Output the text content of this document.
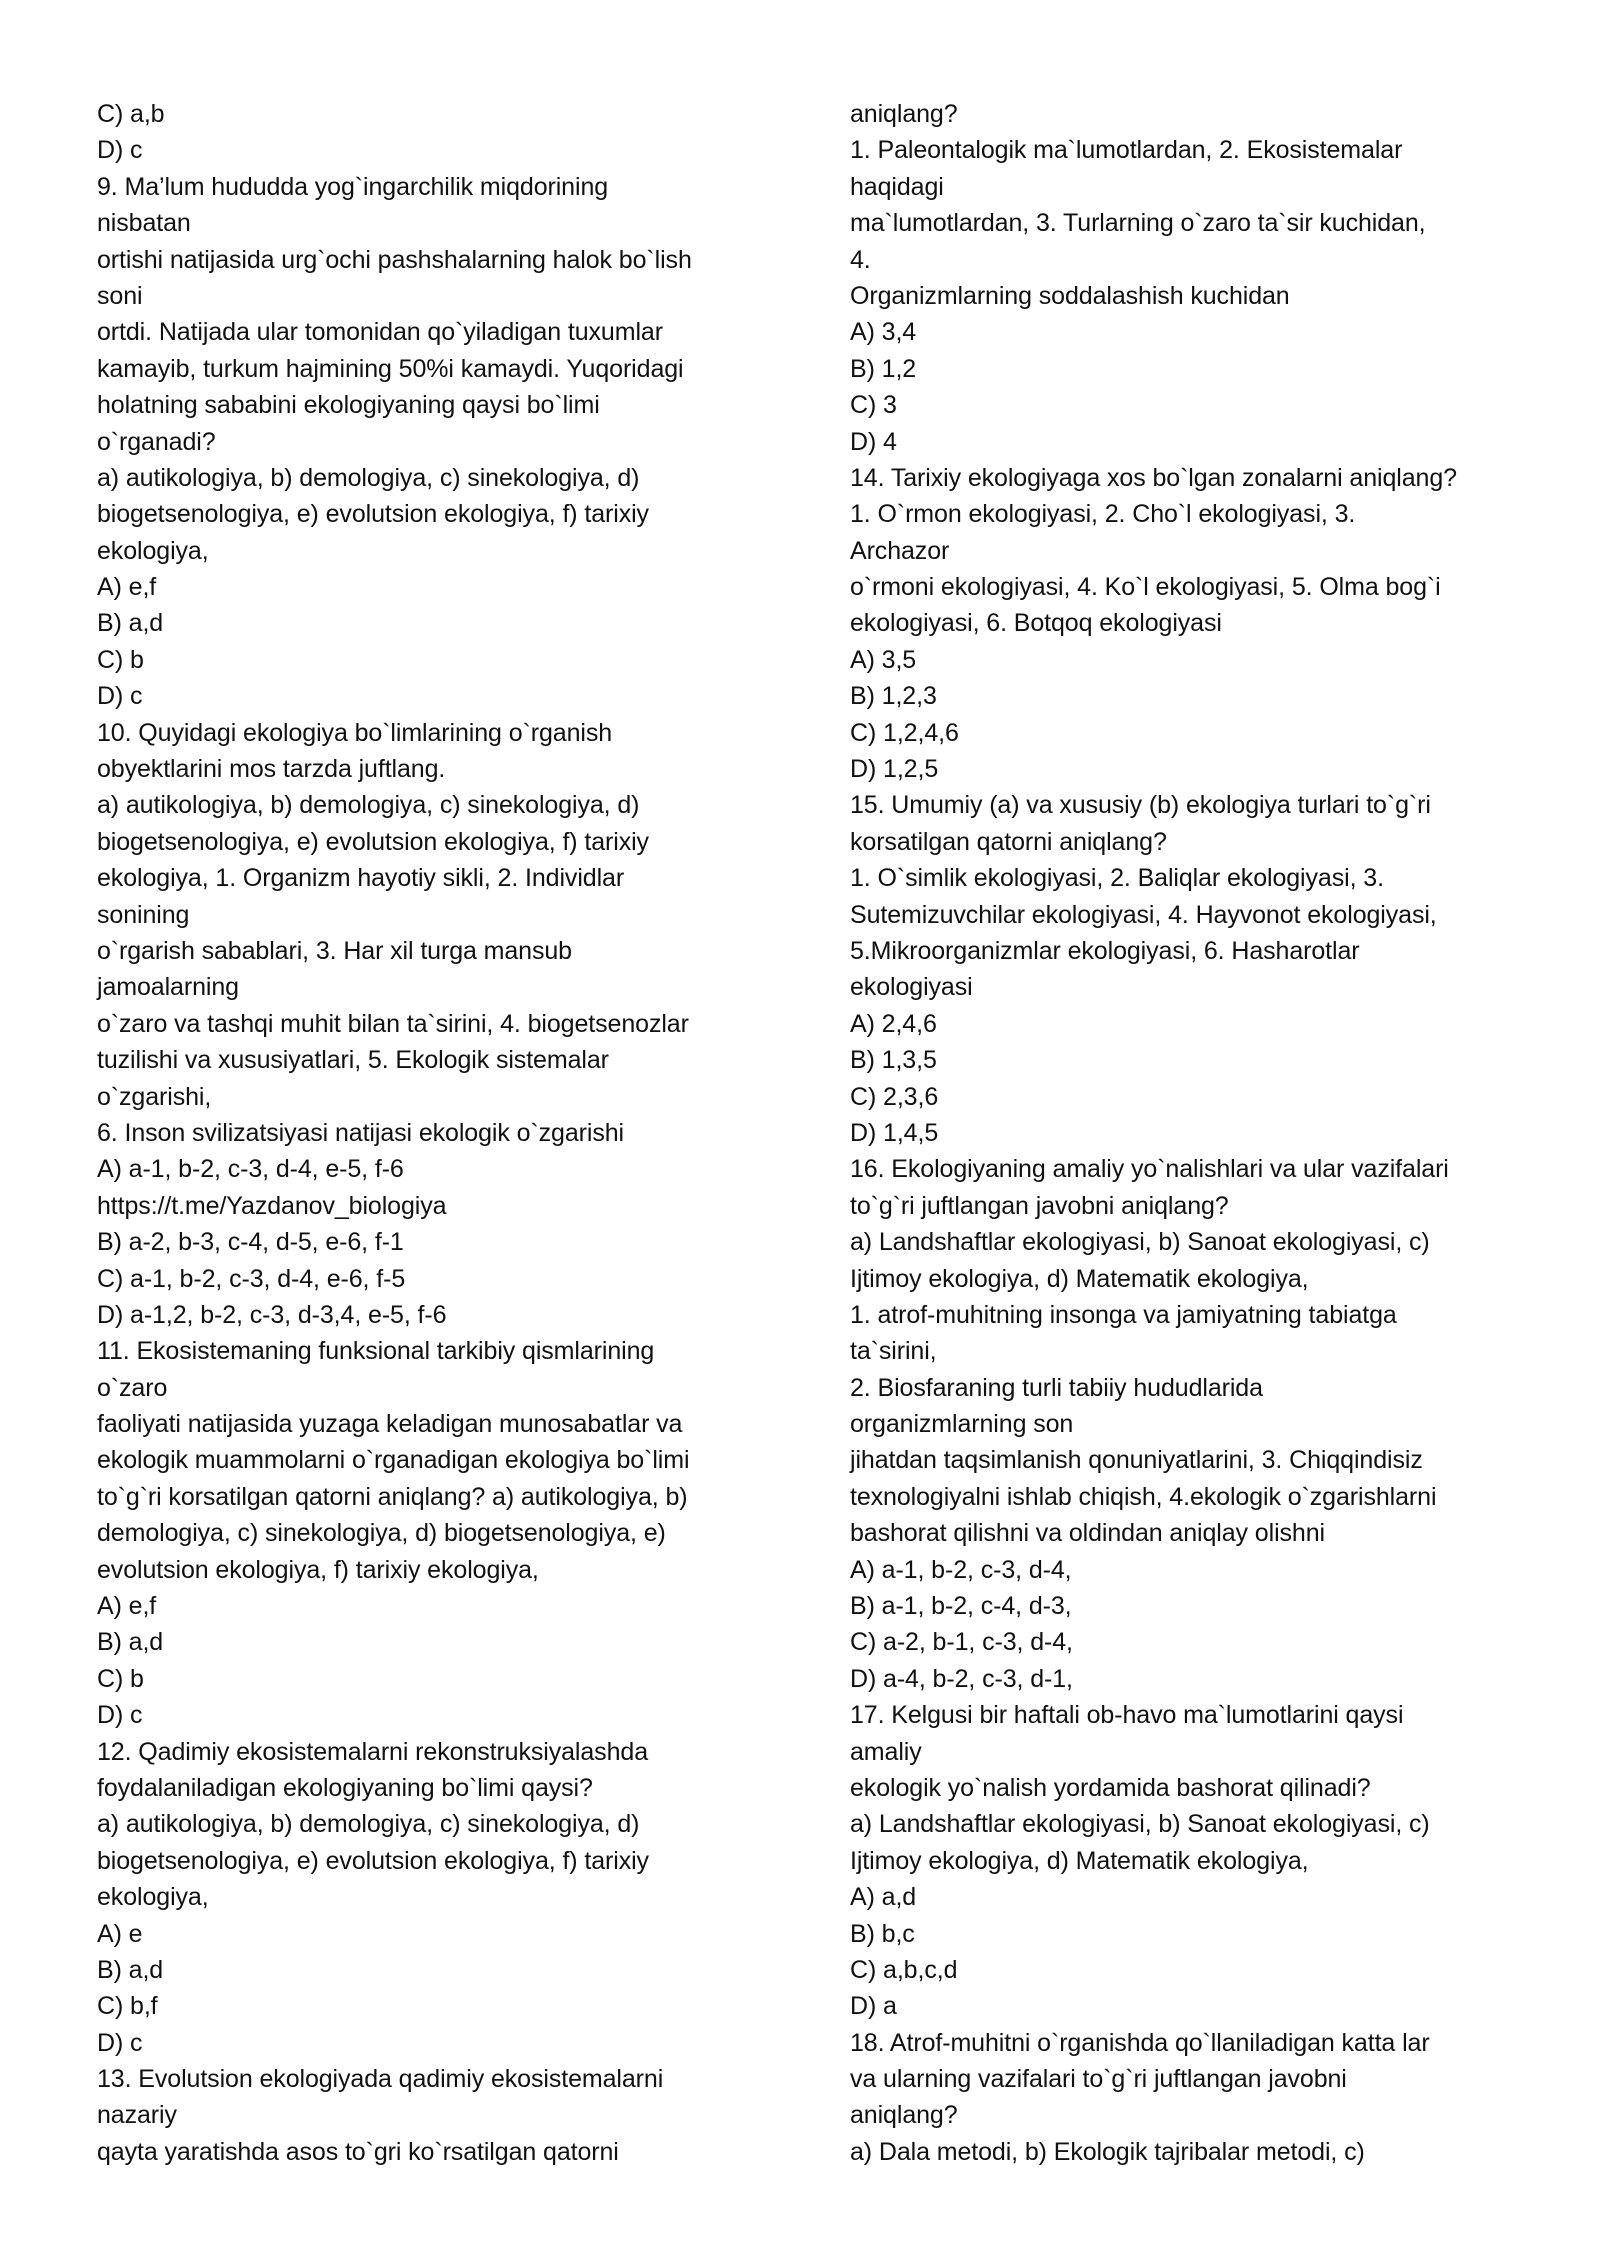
C) a,b
D) c
9. Ma’lum hududda yog`ingarchilik miqdorining
nisbatan
ortishi natijasida urg`ochi pashshalarning halok bo`lish
soni
ortdi. Natijada ular tomonidan qo`yiladigan tuxumlar
kamayib, turkum hajmining 50%i kamaydi. Yuqoridagi
holatning sababini ekologiyaning qaysi bo`limi
o`rganadi?
a) autikologiya, b) demologiya, c) sinekologiya, d)
biogetsenologiya, e) evolutsion ekologiya, f) tarixiy
ekologiya,
A) e,f
B) a,d
C) b
D) c
10. Quyidagi ekologiya bo`limlarining o`rganish
obyektlarini mos tarzda juftlang.
a) autikologiya, b) demologiya, c) sinekologiya, d)
biogetsenologiya, e) evolutsion ekologiya, f) tarixiy
ekologiya, 1. Organizm hayotiy sikli, 2. Individlar
sonining
o`rgarish sabablari, 3. Har xil turga mansub
jamoalarning
o`zaro va tashqi muhit bilan ta`sirini, 4. biogetsenozlar
tuzilishi va xususiyatlari, 5. Ekologik sistemalar
o`zgarishi,
6. Inson svilizatsiyasi natijasi ekologik o`zgarishi
A) a-1, b-2, c-3, d-4, e-5, f-6
https://t.me/Yazdanov_biologiya
B) a-2, b-3, c-4, d-5, e-6, f-1
C) a-1, b-2, c-3, d-4, e-6, f-5
D) a-1,2, b-2, c-3, d-3,4, e-5, f-6
11. Ekosistemaning funksional tarkibiy qismlarining
o`zaro
faoliyati natijasida yuzaga keladigan munosabatlar va
ekologik muammolarni o`rganadigan ekologiya bo`limi
to`g`ri korsatilgan qatorni aniqlang? a) autikologiya, b)
demologiya, c) sinekologiya, d) biogetsenologiya, e)
evolutsion ekologiya, f) tarixiy ekologiya,
A) e,f
B) a,d
C) b
D) c
12. Qadimiy ekosistemalarni rekonstruksiyalashda
foydalaniladigan ekologiyaning bo`limi qaysi?
a) autikologiya, b) demologiya, c) sinekologiya, d)
biogetsenologiya, e) evolutsion ekologiya, f) tarixiy
ekologiya,
A) e
B) a,d
C) b,f
D) c
13. Evolutsion ekologiyada qadimiy ekosistemalarni
nazariy
qayta yaratishda asos to`gri ko`rsatilgan qatorni
aniqlang?
1. Paleontalogik ma`lumotlardan, 2. Ekosistemalar
haqidagi
ma`lumotlardan, 3. Turlarning o`zaro ta`sir kuchidan,
4.
Organizmlarning soddalashish kuchidan
A) 3,4
B) 1,2
C) 3
D) 4
14. Tarixiy ekologiyaga xos bo`lgan zonalarni aniqlang?
1. O`rmon ekologiyasi, 2. Cho`l ekologiyasi, 3.
Archazor
o`rmoni ekologiyasi, 4. Ko`l ekologiyasi, 5. Olma bog`i
ekologiyasi, 6. Botqoq ekologiyasi
A) 3,5
B) 1,2,3
C) 1,2,4,6
D) 1,2,5
15. Umumiy (a) va xususiy (b) ekologiya turlari to`g`ri
korsatilgan qatorni aniqlang?
1. O`simlik ekologiyasi, 2. Baliqlar ekologiyasi, 3.
Sutemizuvchilar ekologiyasi, 4. Hayvonot ekologiyasi,
5.Mikroorganizmlar ekologiyasi, 6. Hasharotlar
ekologiyasi
A) 2,4,6
B) 1,3,5
C) 2,3,6
D) 1,4,5
16. Ekologiyaning amaliy yo`nalishlari va ular vazifalari
to`g`ri juftlangan javobni aniqlang?
a) Landshaftlar ekologiyasi, b) Sanoat ekologiyasi, c)
Ijtimoy ekologiya, d) Matematik ekologiya,
1. atrof-muhitning insonga va jamiyatning tabiatga
ta`sirini,
2. Biosfaraning turli tabiiy hududlarida
organizmlarning son
jihatdan taqsimlanish qonuniyatlarini, 3. Chiqqindisiz
texnologiyalni ishlab chiqish, 4.ekologik o`zgarishlarni
bashorat qilishni va oldindan aniqlay olishni
A) a-1, b-2, c-3, d-4,
B) a-1, b-2, c-4, d-3,
C) a-2, b-1, c-3, d-4,
D) a-4, b-2, c-3, d-1,
17. Kelgusi bir haftali ob-havo ma`lumotlarini qaysi
amaliy
ekologik yo`nalish yordamida bashorat qilinadi?
a) Landshaftlar ekologiyasi, b) Sanoat ekologiyasi, c)
Ijtimoy ekologiya, d) Matematik ekologiya,
A) a,d
B) b,c
C) a,b,c,d
D) a
18. Atrof-muhitni o`rganishda qo`llaniladigan katta lar
va ularning vazifalari to`g`ri juftlangan javobni
aniqlang?
a) Dala metodi, b) Ekologik tajribalar metodi, c)
